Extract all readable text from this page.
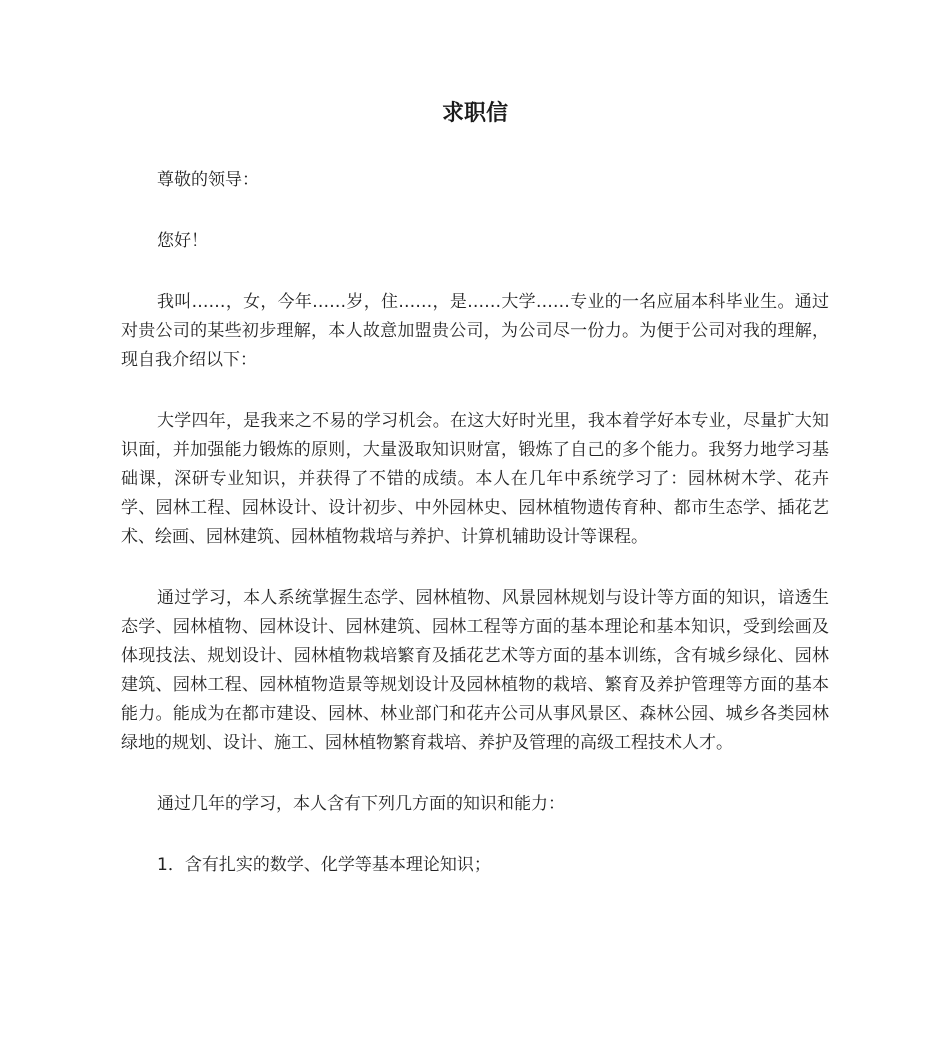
求职信

尊敬的领导：

您好！

我叫……，女，今年……岁，住……，是……大学……专业的一名应届本科毕业生。通过对贵公司的某些初步理解，本人故意加盟贵公司，为公司尽一份力。为便于公司对我的理解，现自我介绍以下：

大学四年，是我来之不易的学习机会。在这大好时光里，我本着学好本专业，尽量扩大知识面，并加强能力锻炼的原则，大量汲取知识财富，锻炼了自己的多个能力。我努力地学习基础课，深研专业知识，并获得了不错的成绩。本人在几年中系统学习了：园林树木学、花卉学、园林工程、园林设计、设计初步、中外园林史、园林植物遗传育种、都市生态学、插花艺术、绘画、园林建筑、园林植物栽培与养护、计算机辅助设计等课程。

通过学习，本人系统掌握生态学、园林植物、风景园林规划与设计等方面的知识，谙透生态学、园林植物、园林设计、园林建筑、园林工程等方面的基本理论和基本知识，受到绘画及体现技法、规划设计、园林植物栽培繁育及插花艺术等方面的基本训练，含有城乡绿化、园林建筑、园林工程、园林植物造景等规划设计及园林植物的栽培、繁育及养护管理等方面的基本能力。能成为在都市建设、园林、林业部门和花卉公司从事风景区、森林公园、城乡各类园林绿地的规划、设计、施工、园林植物繁育栽培、养护及管理的高级工程技术人才。

通过几年的学习，本人含有下列几方面的知识和能力：

1．含有扎实的数学、化学等基本理论知识；
